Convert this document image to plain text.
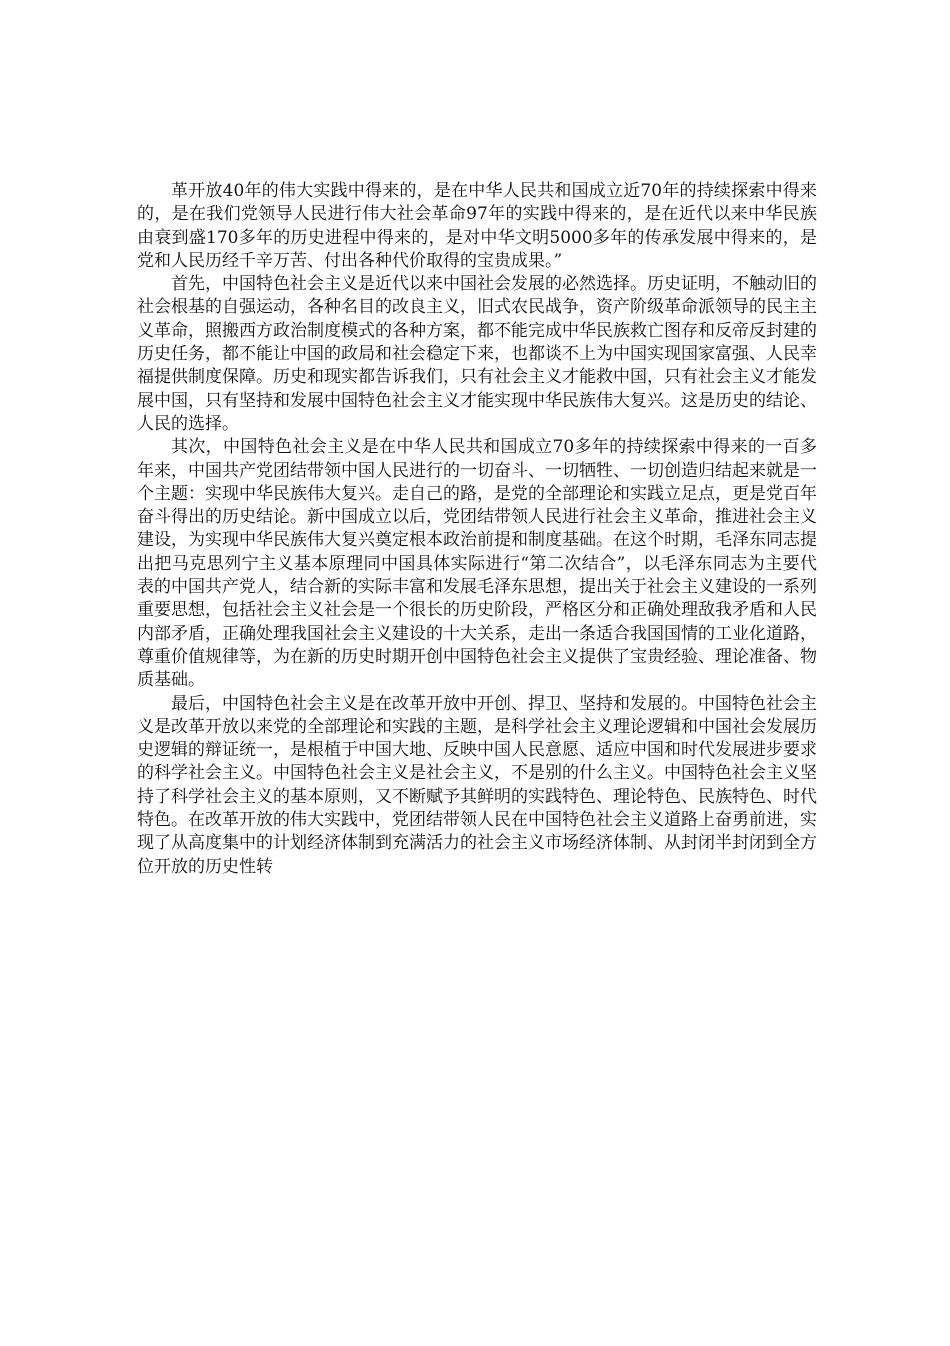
革开放40年的伟大实践中得来的，是在中华人民共和国成立近70年的持续探索中得来的，是在我们党领导人民进行伟大社会革命97年的实践中得来的，是在近代以来中华民族由衰到盛170多年的历史进程中得来的，是对中华文明5000多年的传承发展中得来的，是党和人民历经千辛万苦、付出各种代价取得的宝贵成果。”

首先，中国特色社会主义是近代以来中国社会发展的必然选择。历史证明，不触动旧的社会根基的自强运动，各种名目的改良主义，旧式农民战争，资产阶级革命派领导的民主主义革命，照搬西方政治制度模式的各种方案，都不能完成中华民族救亡图存和反帝反封建的历史任务，都不能让中国的政局和社会稳定下来，也都谈不上为中国实现国家富强、人民幸福提供制度保障。历史和现实都告诉我们，只有社会主义才能救中国，只有社会主义才能发展中国，只有坚持和发展中国特色社会主义才能实现中华民族伟大复兴。这是历史的结论、人民的选择。

其次，中国特色社会主义是在中华人民共和国成立70多年的持续探索中得来的一百多年来，中国共产党团结带领中国人民进行的一切奋斗、一切牺牲、一切创造归结起来就是一个主题：实现中华民族伟大复兴。走自己的路，是党的全部理论和实践立足点，更是党百年奋斗得出的历史结论。新中国成立以后，党团结带领人民进行社会主义革命，推进社会主义建设，为实现中华民族伟大复兴奠定根本政治前提和制度基础。在这个时期，毛泽东同志提出把马克思列宁主义基本原理同中国具体实际进行“第二次结合”，以毛泽东同志为主要代表的中国共产党人，结合新的实际丰富和发展毛泽东思想，提出关于社会主义建设的一系列重要思想，包括社会主义社会是一个很长的历史阶段，严格区分和正确处理敌我矛盾和人民内部矛盾，正确处理我国社会主义建设的十大关系，走出一条适合我国国情的工业化道路，尊重价值规律等，为在新的历史时期开创中国特色社会主义提供了宝贵经验、理论准备、物质基础。

最后，中国特色社会主义是在改革开放中开创、捍卫、坚持和发展的。中国特色社会主义是改革开放以来党的全部理论和实践的主题，是科学社会主义理论逻辑和中国社会发展历史逻辑的辩证统一，是根植于中国大地、反映中国人民意愿、适应中国和时代发展进步要求的科学社会主义。中国特色社会主义是社会主义，不是别的什么主义。中国特色社会主义坚持了科学社会主义的基本原则，又不断赋予其鲜明的实践特色、理论特色、民族特色、时代特色。在改革开放的伟大实践中，党团结带领人民在中国特色社会主义道路上奋勇前进，实现了从高度集中的计划经济体制到充满活力的社会主义市场经济体制、从封闭半封闭到全方位开放的历史性转
